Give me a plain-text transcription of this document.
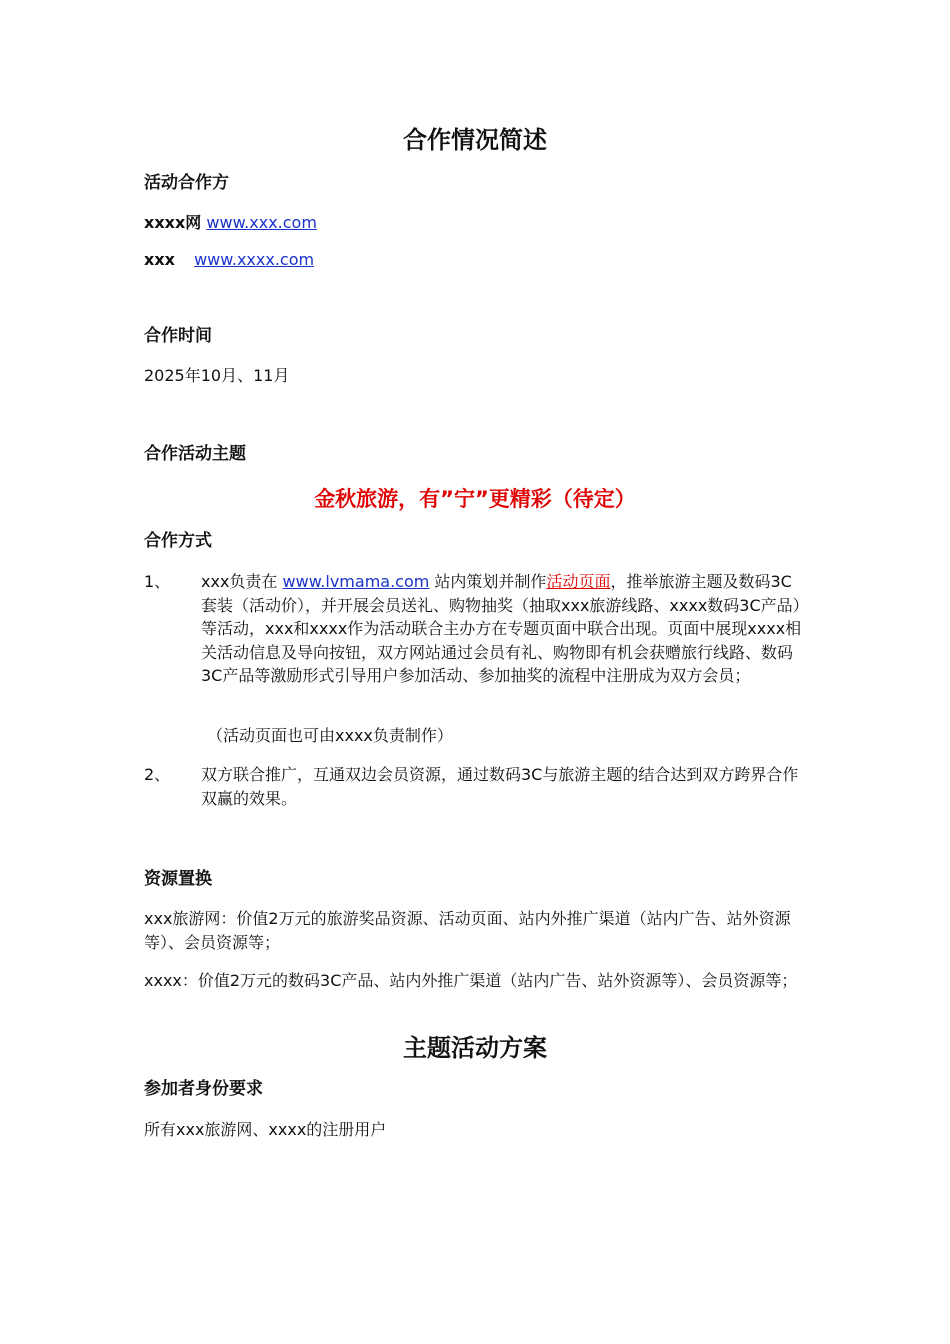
合作情况简述
活动合作方
xxxx网 www.xxx.com
xxx www.xxxx.com
合作时间
2025年10月、11月
合作活动主题
金秋旅游，有”宁”更精彩（待定）
合作方式
1、 xxx负责在 www.lvmama.com 站内策划并制作活动页面，推举旅游主题及数码3C套装（活动价），并开展会员送礼、购物抽奖（抽取xxx旅游线路、xxxx数码3C产品）等活动，xxx和xxxx作为活动联合主办方在专题页面中联合出现。页面中展现xxxx相关活动信息及导向按钮，双方网站通过会员有礼、购物即有机会获赠旅行线路、数码3C产品等激励形式引导用户参加活动、参加抽奖的流程中注册成为双方会员；
（活动页面也可由xxxx负责制作）
2、 双方联合推广，互通双边会员资源，通过数码3C与旅游主题的结合达到双方跨界合作双赢的效果。
资源置换
xxx旅游网：价值2万元的旅游奖品资源、活动页面、站内外推广渠道（站内广告、站外资源等）、会员资源等；
xxxx：价值2万元的数码3C产品、站内外推广渠道（站内广告、站外资源等）、会员资源等；
主题活动方案
参加者身份要求
所有xxx旅游网、xxxx的注册用户
